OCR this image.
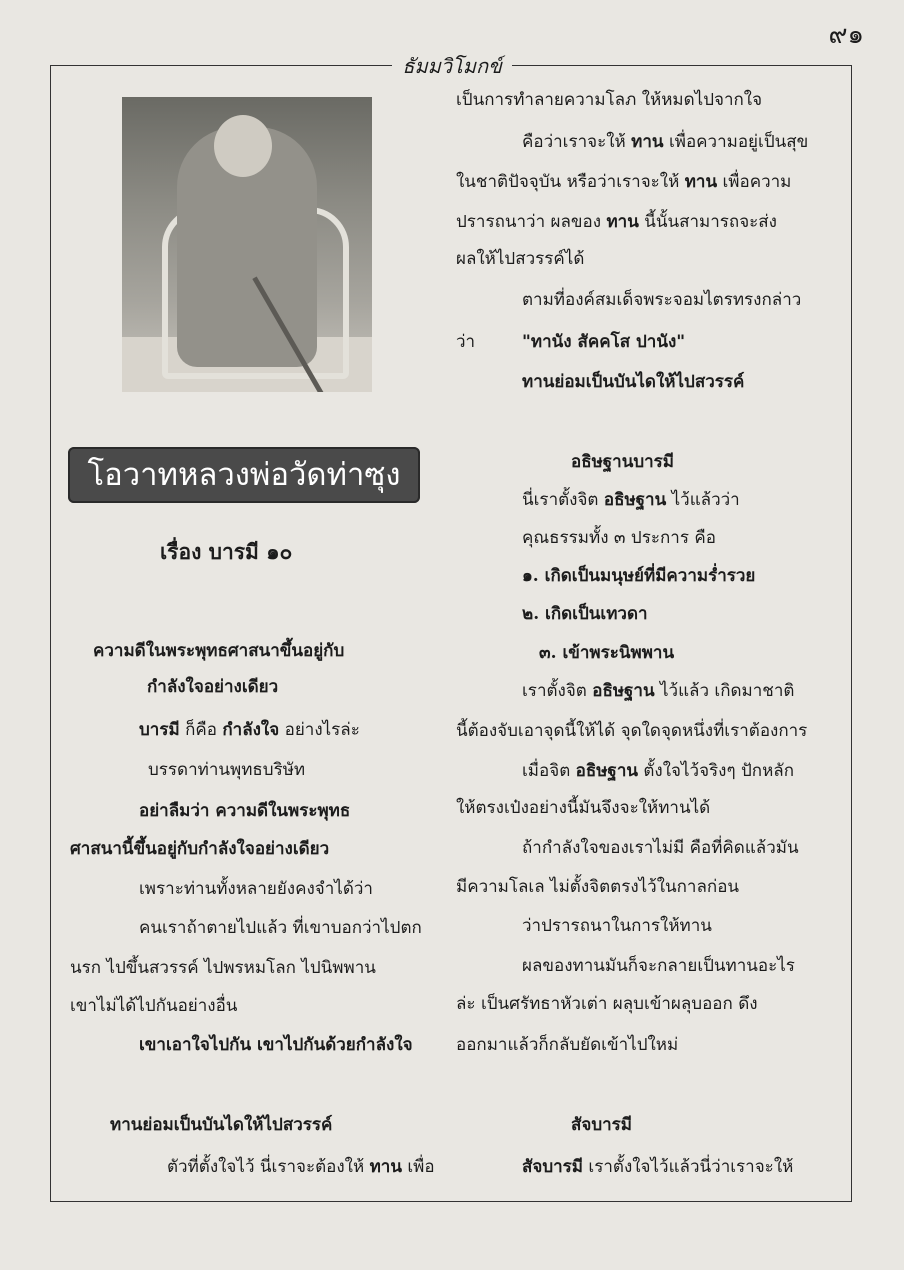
๙๑
ธัมมวิโมกข์
โอวาทหลวงพ่อวัดท่าซุง
เรื่อง บารมี ๑๐
ความดีในพระพุทธศาสนาขึ้นอยู่กับ
กำลังใจอย่างเดียว
บารมี ก็คือ กำลังใจ อย่างไรล่ะ
บรรดาท่านพุทธบริษัท
อย่าลืมว่า ความดีในพระพุทธ
ศาสนานี้ขึ้นอยู่กับกำลังใจอย่างเดียว
เพราะท่านทั้งหลายยังคงจำได้ว่า
คนเราถ้าตายไปแล้ว ที่เขาบอกว่าไปตก
นรก ไปขึ้นสวรรค์ ไปพรหมโลก ไปนิพพาน
เขาไม่ได้ไปกันอย่างอื่น
เขาเอาใจไปกัน เขาไปกันด้วยกำลังใจ
ทานย่อมเป็นบันไดให้ไปสวรรค์
ตัวที่ตั้งใจไว้ นี่เราจะต้องให้ ทาน เพื่อ
เป็นการทำลายความโลภ ให้หมดไปจากใจ
คือว่าเราจะให้ ทาน เพื่อความอยู่เป็นสุข
ในชาติปัจจุบัน หรือว่าเราจะให้ ทาน เพื่อความ
ปรารถนาว่า ผลของ ทาน นี้นั้นสามารถจะส่ง
ผลให้ไปสวรรค์ได้
ตามที่องค์สมเด็จพระจอมไตรทรงกล่าว
ว่า	"ทานัง สัคคโส ปานัง"
ทานย่อมเป็นบันไดให้ไปสวรรค์
อธิษฐานบารมี
นี่เราตั้งจิต อธิษฐาน ไว้แล้วว่า
คุณธรรมทั้ง ๓ ประการ คือ
๑. เกิดเป็นมนุษย์ที่มีความร่ำรวย
๒. เกิดเป็นเทวดา
๓. เข้าพระนิพพาน
เราตั้งจิต อธิษฐาน ไว้แล้ว เกิดมาชาติ
นี้ต้องจับเอาจุดนี้ให้ได้ จุดใดจุดหนึ่งที่เราต้องการ
เมื่อจิต อธิษฐาน ตั้งใจไว้จริงๆ ปักหลัก
ให้ตรงเป๋งอย่างนี้มันจึงจะให้ทานได้
ถ้ากำลังใจของเราไม่มี คือที่คิดแล้วมัน
มีความโลเล ไม่ตั้งจิตตรงไว้ในกาลก่อน
ว่าปรารถนาในการให้ทาน
ผลของทานมันก็จะกลายเป็นทานอะไร
ล่ะ เป็นศรัทธาหัวเต่า ผลุบเข้าผลุบออก ดึง
ออกมาแล้วก็กลับยัดเข้าไปใหม่
สัจบารมี
สัจบารมี เราตั้งใจไว้แล้วนี่ว่าเราจะให้
